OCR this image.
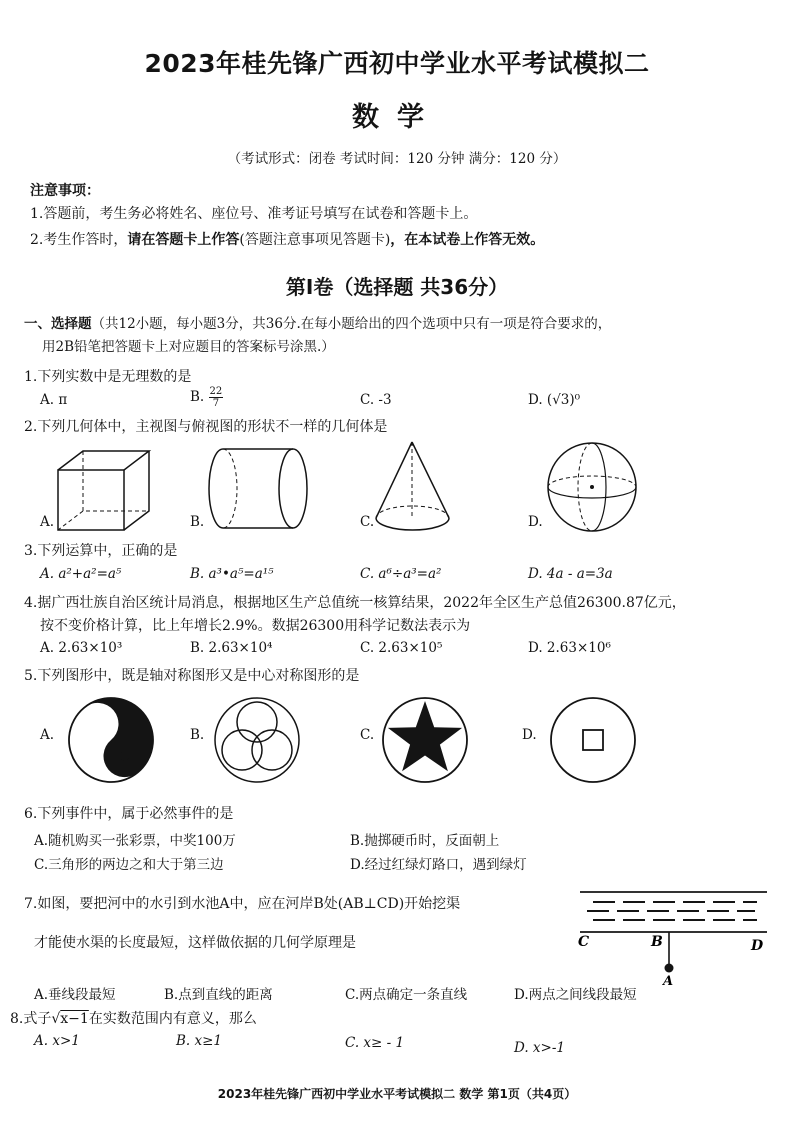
2023年桂先锋广西初中学业水平考试模拟二
数学
（考试形式：闭卷 考试时间：120 分钟 满分：120 分）
注意事项：
1.答题前，考生务必将姓名、座位号、准考证号填写在试卷和答题卡上。
2.考生作答时，请在答题卡上作答(答题注意事项见答题卡)，在本试卷上作答无效。
第Ⅰ卷（选择题 共36分）
一、选择题（共12小题，每小题3分，共36分.在每小题给出的四个选项中只有一项是符合要求的，
用2B铅笔把答题卡上对应题目的答案标号涂黑.）
1.下列实数中是无理数的是
A. π	B. $\frac{22}{7}$	C. -3	D. (√3)⁰
2.下列几何体中，主视图与俯视图的形状不一样的几何体是
A.	B.	C.	D.
3.下列运算中，正确的是
A. a²+a²=a⁵	B. a³•a⁵=a¹⁵	C. a⁶÷a³=a²	D. 4a - a=3a
4.据广西壮族自治区统计局消息，根据地区生产总值统一核算结果，2022年全区生产总值26300.87亿元，
按不变价格计算，比上年增长2.9%。数据26300用科学记数法表示为
A. 2.63×10³	B. 2.63×10⁴	C. 2.63×10⁵	D. 2.63×10⁶
5.下列图形中，既是轴对称图形又是中心对称图形的是
A.	B.	C.	D.
6.下列事件中，属于必然事件的是
A.随机购买一张彩票，中奖100万	B.抛掷硬币时，反面朝上
C.三角形的两边之和大于第三边	D.经过红绿灯路口，遇到绿灯
7.如图，要把河中的水引到水池A中，应在河岸B处(AB⊥CD)开始挖渠
才能使水渠的长度最短，这样做依据的几何学原理是	C	B	D
A
A.垂线段最短	B.点到直线的距离	C.两点确定一条直线	D.两点之间线段最短
8.式子√x−1在实数范围内有意义，那么
A. x>1	B. x≥1	C. x≥ - 1	D. x>-1
2023年桂先锋广西初中学业水平考试模拟二 数学 第1页（共4页）
